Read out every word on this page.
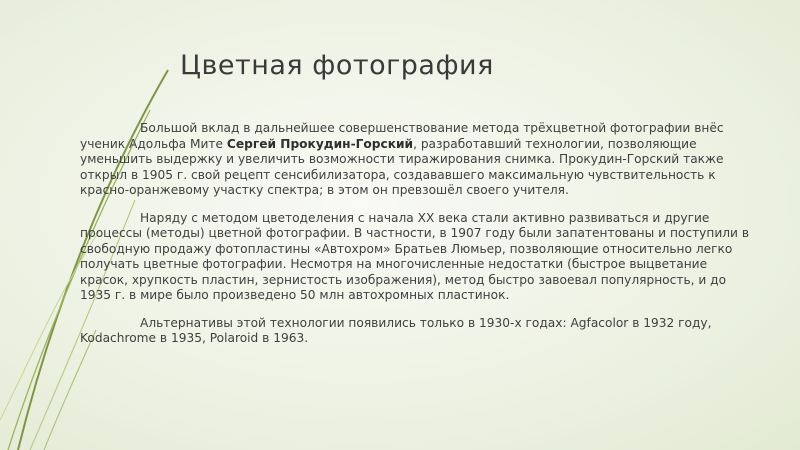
Цветная фотография

Большой вклад в дальнейшее совершенствование метода трёхцветной фотографии внёс ученик Адольфа Мите Сергей Прокудин-Горский, разработавший технологии, позволяющие уменьшить выдержку и увеличить возможности тиражирования снимка. Прокудин-Горский также открыл в 1905 г. свой рецепт сенсибилизатора, создававшего максимальную чувствительность к красно-оранжевому участку спектра; в этом он превзошёл своего учителя.

Наряду с методом цветоделения с начала XX века стали активно развиваться и другие процессы (методы) цветной фотографии. В частности, в 1907 году были запатентованы и поступили в свободную продажу фотопластины «Автохром» Братьев Люмьер, позволяющие относительно легко получать цветные фотографии. Несмотря на многочисленные недостатки (быстрое выцветание красок, хрупкость пластин, зернистость изображения), метод быстро завоевал популярность, и до 1935 г. в мире было произведено 50 млн автохромных пластинок.

Альтернативы этой технологии появились только в 1930-х годах: Agfacolor в 1932 году, Kodachrome в 1935, Polaroid в 1963.
